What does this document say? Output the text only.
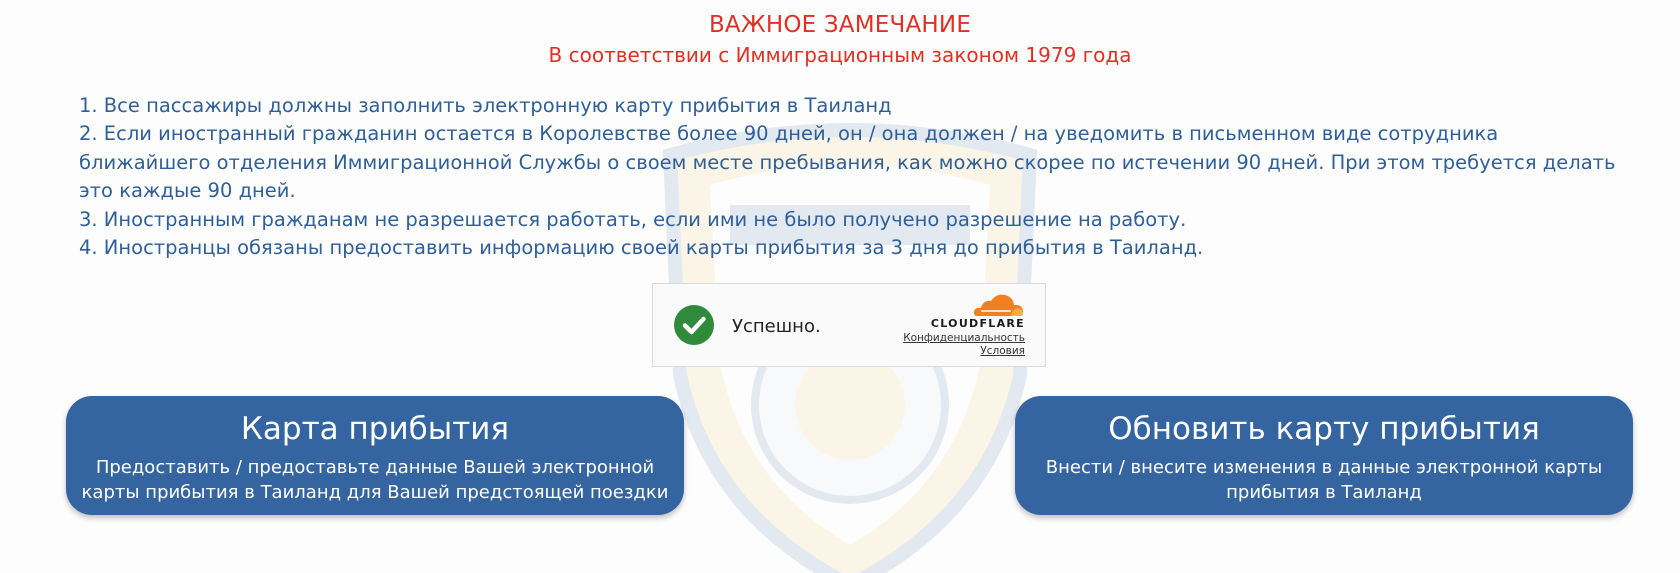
ВАЖНОЕ ЗАМЕЧАНИЕ
В соответствии с Иммиграционным законом 1979 года
1. Все пассажиры должны заполнить электронную карту прибытия в Таиланд
2. Если иностранный гражданин остается в Королевстве более 90 дней, он / она должен / на уведомить в письменном виде сотрудника ближайшего отделения Иммиграционной Службы о своем месте пребывания, как можно скорее по истечении 90 дней. При этом требуется делать это каждые 90 дней.
3. Иностранным гражданам не разрешается работать, если ими не было получено разрешение на работу.
4. Иностранцы обязаны предоставить информацию своей карты прибытия за 3 дня до прибытия в Таиланд.
Успешно.	CLOUDFLARE
Конфиденциальность
Условия
Карта прибытия
Предоставить / предоставьте данные Вашей электронной карты прибытия в Таиланд для Вашей предстоящей поездки
Обновить карту прибытия
Внести / внесите изменения в данные электронной карты прибытия в Таиланд
